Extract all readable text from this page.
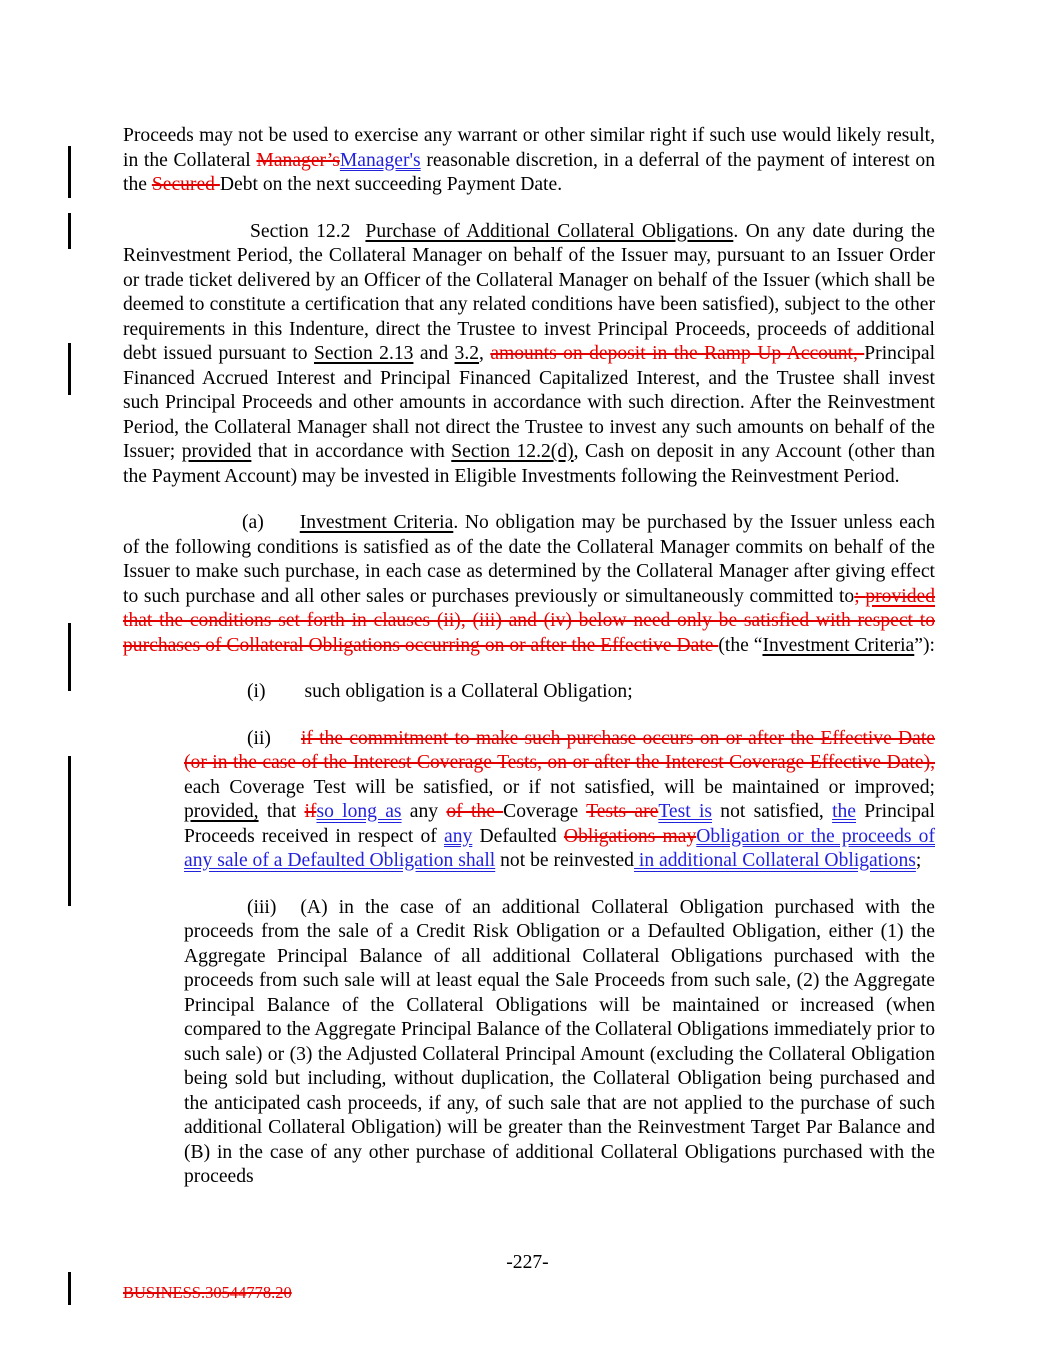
Proceeds may not be used to exercise any warrant or other similar right if such use would likely result, in the Collateral Manager’sManager's reasonable discretion, in a deferral of the payment of interest on the Secured Debt on the next succeeding Payment Date.

Section 12.2 Purchase of Additional Collateral Obligations. On any date during the Reinvestment Period, the Collateral Manager on behalf of the Issuer may, pursuant to an Issuer Order or trade ticket delivered by an Officer of the Collateral Manager on behalf of the Issuer (which shall be deemed to constitute a certification that any related conditions have been satisfied), subject to the other requirements in this Indenture, direct the Trustee to invest Principal Proceeds, proceeds of additional debt issued pursuant to Section 2.13 and 3.2, amounts on deposit in the Ramp-Up Account, Principal Financed Accrued Interest and Principal Financed Capitalized Interest, and the Trustee shall invest such Principal Proceeds and other amounts in accordance with such direction. After the Reinvestment Period, the Collateral Manager shall not direct the Trustee to invest any such amounts on behalf of the Issuer; provided that in accordance with Section 12.2(d), Cash on deposit in any Account (other than the Payment Account) may be invested in Eligible Investments following the Reinvestment Period.

(a) Investment Criteria. No obligation may be purchased by the Issuer unless each of the following conditions is satisfied as of the date the Collateral Manager commits on behalf of the Issuer to make such purchase, in each case as determined by the Collateral Manager after giving effect to such purchase and all other sales or purchases previously or simultaneously committed to; provided that the conditions set forth in clauses (ii), (iii) and (iv) below need only be satisfied with respect to purchases of Collateral Obligations occurring on or after the Effective Date (the “Investment Criteria”):

(i) such obligation is a Collateral Obligation;

(ii) if the commitment to make such purchase occurs on or after the Effective Date (or in the case of the Interest Coverage Tests, on or after the Interest Coverage Effective Date), each Coverage Test will be satisfied, or if not satisfied, will be maintained or improved; provided, that ifso long as any of the Coverage Tests areTest is not satisfied, the Principal Proceeds received in respect of any Defaulted Obligations mayObligation or the proceeds of any sale of a Defaulted Obligation shall not be reinvested in additional Collateral Obligations;

(iii) (A) in the case of an additional Collateral Obligation purchased with the proceeds from the sale of a Credit Risk Obligation or a Defaulted Obligation, either (1) the Aggregate Principal Balance of all additional Collateral Obligations purchased with the proceeds from such sale will at least equal the Sale Proceeds from such sale, (2) the Aggregate Principal Balance of the Collateral Obligations will be maintained or increased (when compared to the Aggregate Principal Balance of the Collateral Obligations immediately prior to such sale) or (3) the Adjusted Collateral Principal Amount (excluding the Collateral Obligation being sold but including, without duplication, the Collateral Obligation being purchased and the anticipated cash proceeds, if any, of such sale that are not applied to the purchase of such additional Collateral Obligation) will be greater than the Reinvestment Target Par Balance and (B) in the case of any other purchase of additional Collateral Obligations purchased with the proceeds

-227-
BUSINESS.30544778.20
